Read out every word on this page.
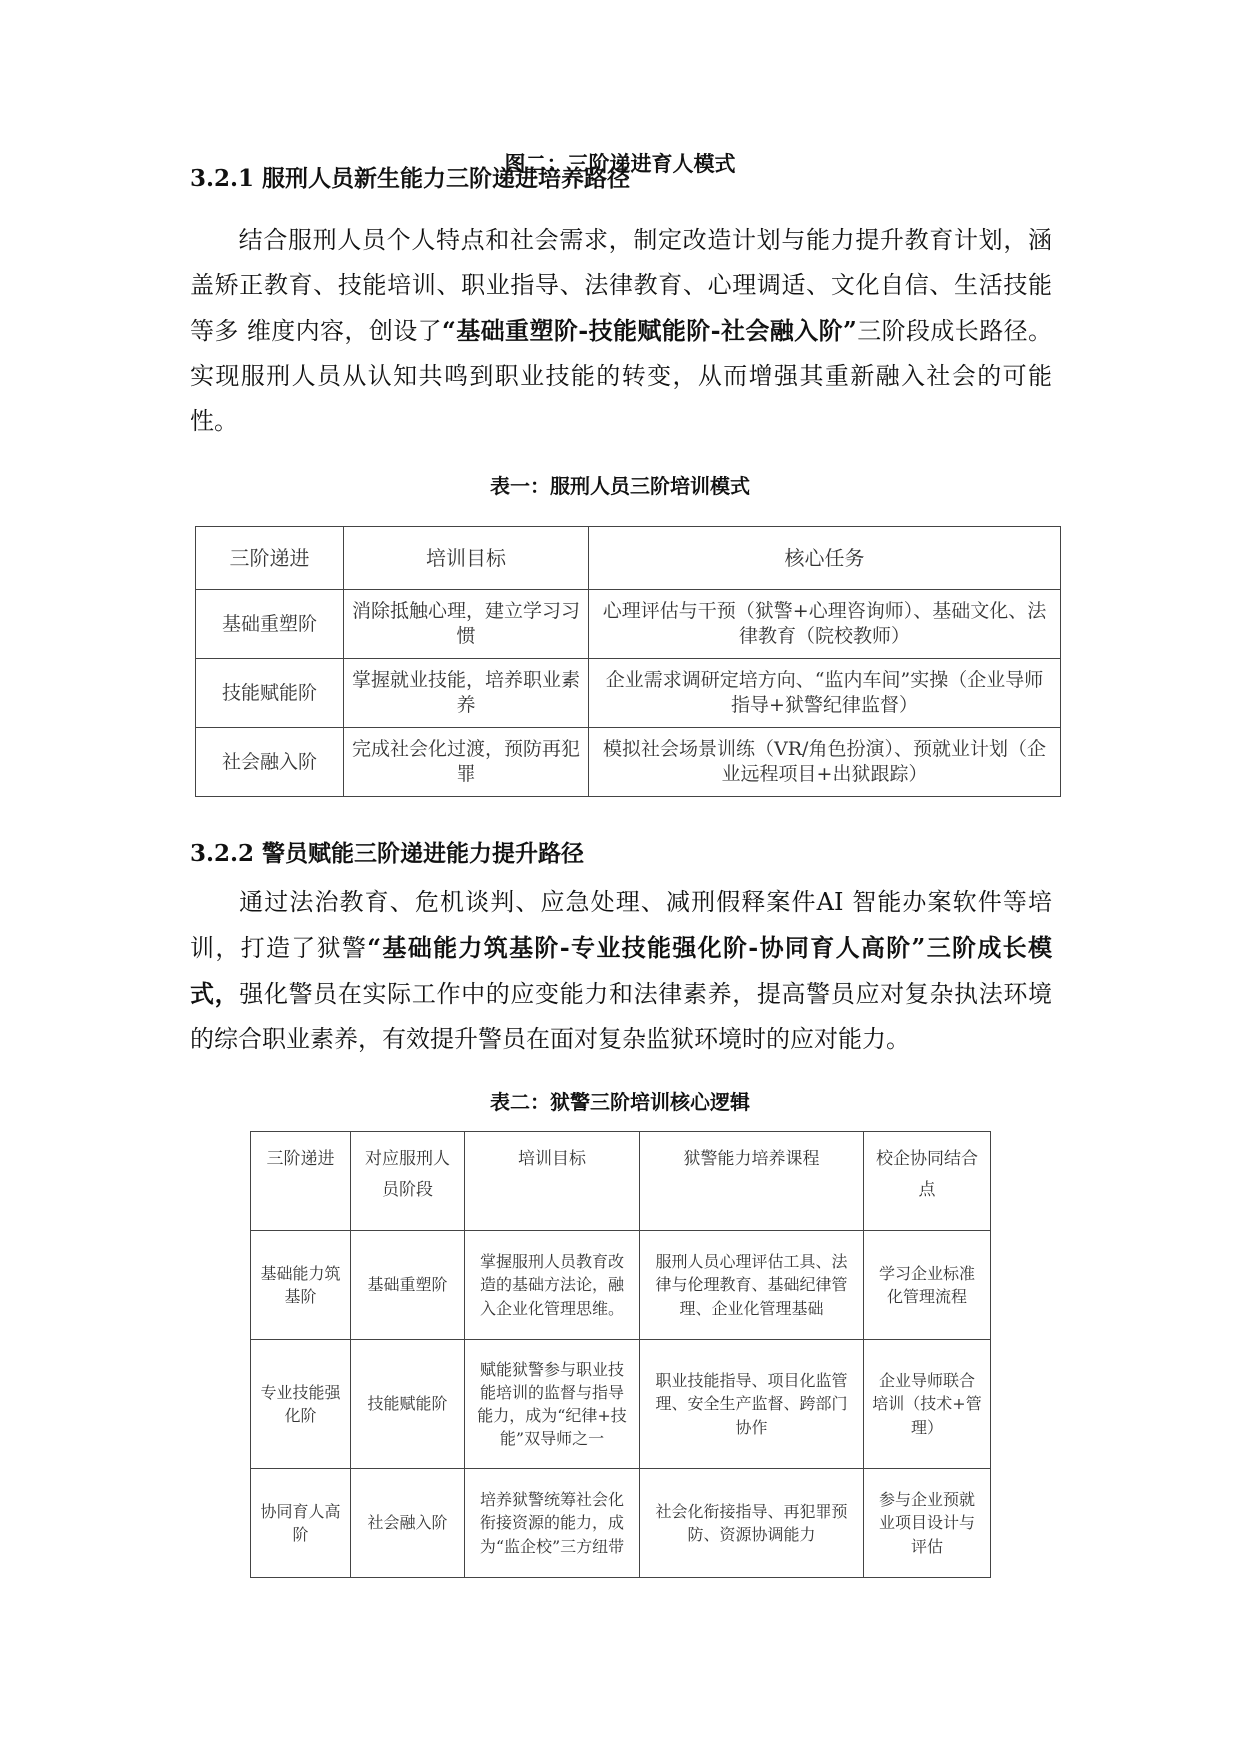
图二：三阶递进育人模式
3.2.1 服刑人员新生能力三阶递进培养路径
结合服刑人员个人特点和社会需求，制定改造计划与能力提升教育计划，涵盖矫正教育、技能培训、职业指导、法律教育、心理调适、文化自信、生活技能等多 维度内容，创设了“基础重塑阶-技能赋能阶-社会融入阶”三阶段成长路径。实现服刑人员从认知共鸣到职业技能的转变，从而增强其重新融入社会的可能性。
表一：服刑人员三阶培训模式
三阶递进	培训目标	核心任务
基础重塑阶	消除抵触心理，建立学习习惯	心理评估与干预（狱警+心理咨询师）、基础文化、法律教育（院校教师）
技能赋能阶	掌握就业技能，培养职业素养	企业需求调研定培方向、“监内车间”实操（企业导师指导+狱警纪律监督）
社会融入阶	完成社会化过渡，预防再犯罪	模拟社会场景训练（VR/角色扮演）、预就业计划（企业远程项目+出狱跟踪）
3.2.2 警员赋能三阶递进能力提升路径
通过法治教育、危机谈判、应急处理、减刑假释案件AI 智能办案软件等培训，打造了狱警“基础能力筑基阶-专业技能强化阶-协同育人高阶”三阶成长模式，强化警员在实际工作中的应变能力和法律素养，提高警员应对复杂执法环境的综合职业素养，有效提升警员在面对复杂监狱环境时的应对能力。
表二：狱警三阶培训核心逻辑
三阶递进	对应服刑人员阶段	培训目标	狱警能力培养课程	校企协同结合点
基础能力筑基阶	基础重塑阶	掌握服刑人员教育改造的基础方法论，融入企业化管理思维。	服刑人员心理评估工具、法律与伦理教育、基础纪律管理、企业化管理基础	学习企业标准化管理流程
专业技能强化阶	技能赋能阶	赋能狱警参与职业技能培训的监督与指导能力，成为“纪律+技能”双导师之一	职业技能指导、项目化监管理、安全生产监督、跨部门协作	企业导师联合培训（技术+管理）
协同育人高阶	社会融入阶	培养狱警统筹社会化衔接资源的能力，成为“监企校”三方纽带	社会化衔接指导、再犯罪预防、资源协调能力	参与企业预就业项目设计与评估
